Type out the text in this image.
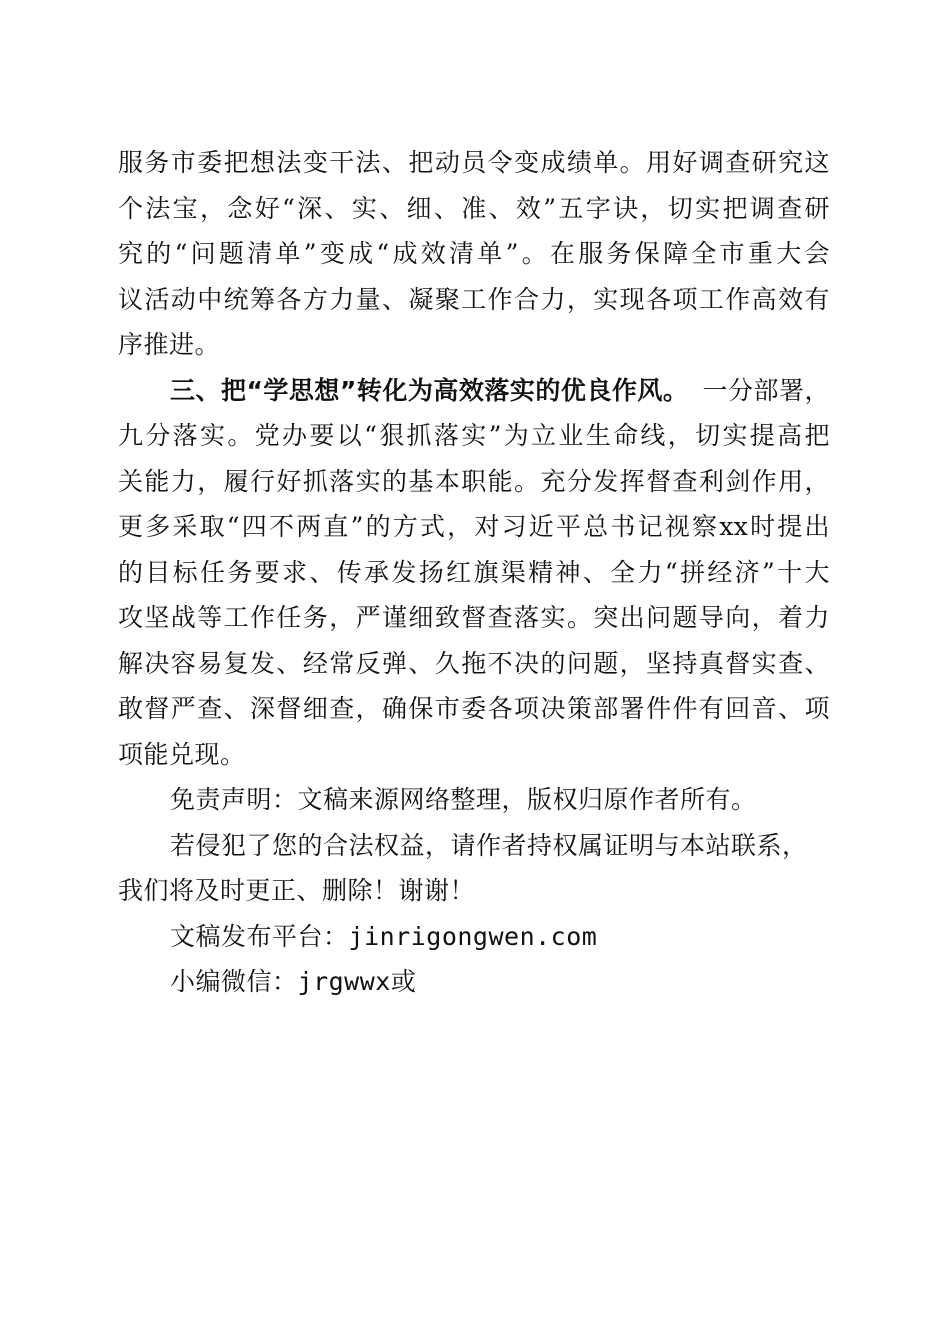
服务市委把想法变干法、把动员令变成绩单。用好调查研究这
个法宝，念好“深、实、细、准、效”五字诀，切实把调查研
究的“问题清单”变成“成效清单”。在服务保障全市重大会
议活动中统筹各方力量、凝聚工作合力，实现各项工作高效有
序推进。
三、把“学思想”转化为高效落实的优良作风。 一分部署，
九分落实。党办要以“狠抓落实”为立业生命线，切实提高把
关能力，履行好抓落实的基本职能。充分发挥督查利剑作用，
更多采取“四不两直”的方式，对习近平总书记视察xx时提出
的目标任务要求、传承发扬红旗渠精神、全力“拼经济”十大
攻坚战等工作任务，严谨细致督查落实。突出问题导向，着力
解决容易复发、经常反弹、久拖不决的问题，坚持真督实查、
敢督严查、深督细查，确保市委各项决策部署件件有回音、项
项能兑现。
免责声明：文稿来源网络整理，版权归原作者所有。
若侵犯了您的合法权益，请作者持权属证明与本站联系，
我们将及时更正、删除！谢谢！
文稿发布平台：jinrigongwen.com
小编微信：jrgwwx或
